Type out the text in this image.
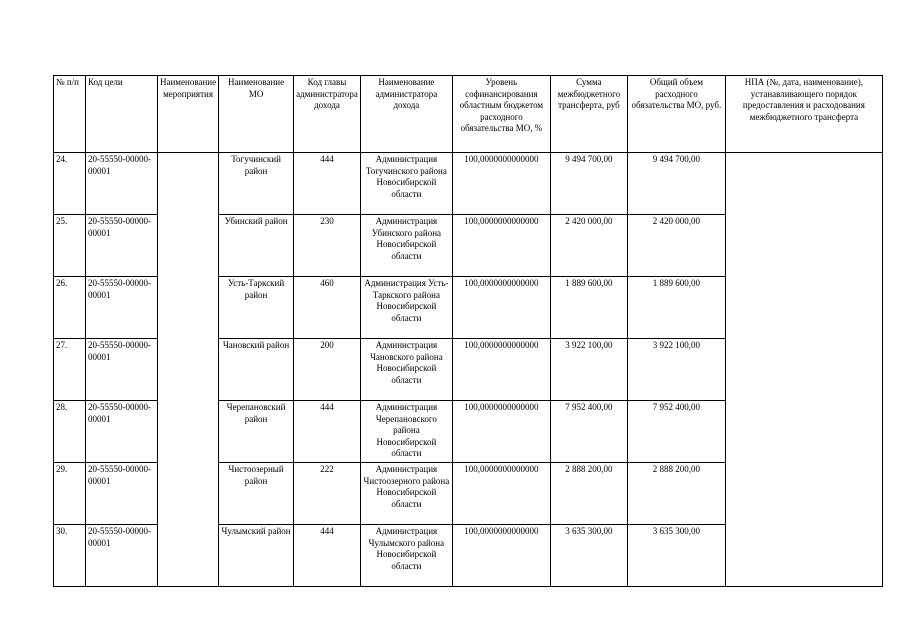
№ п/п	Код цели	Наименование мероприятия	Наименование МО	Код главы администратора дохода	Наименование администратора дохода	Уровень софинансирования областным бюджетом расходного обязательства МО, %	Сумма межбюджетного трансферта, руб	Общий объем расходного обязательства МО, руб.	НПА (№, дата, наименование), устанавливающего порядок предоставления и расходования межбюджетного трансферта
24.	20-55550-00000-00001		Тогучинский район	444	Администрация Тогучинского района Новосибирской области	100,0000000000000	9 494 700,00	9 494 700,00	
25.	20-55550-00000-00001		Убинский район	230	Администрация Убинского района Новосибирской области	100,0000000000000	2 420 000,00	2 420 000,00	
26.	20-55550-00000-00001		Усть-Таркский район	460	Администрация Усть-Таркского района Новосибирской области	100,0000000000000	1 889 600,00	1 889 600,00	
27.	20-55550-00000-00001		Чановский район	200	Администрация Чановского района Новосибирской области	100,0000000000000	3 922 100,00	3 922 100,00	
28.	20-55550-00000-00001		Черепановский район	444	Администрация Черепановского района Новосибирской области	100,0000000000000	7 952 400,00	7 952 400,00	
29.	20-55550-00000-00001		Чистоозерный район	222	Администрация Чистоозерного района Новосибирской области	100,0000000000000	2 888 200,00	2 888 200,00	
30.	20-55550-00000-00001		Чулымский район	444	Администрация Чулымского района Новосибирской области	100,0000000000000	3 635 300,00	3 635 300,00	
